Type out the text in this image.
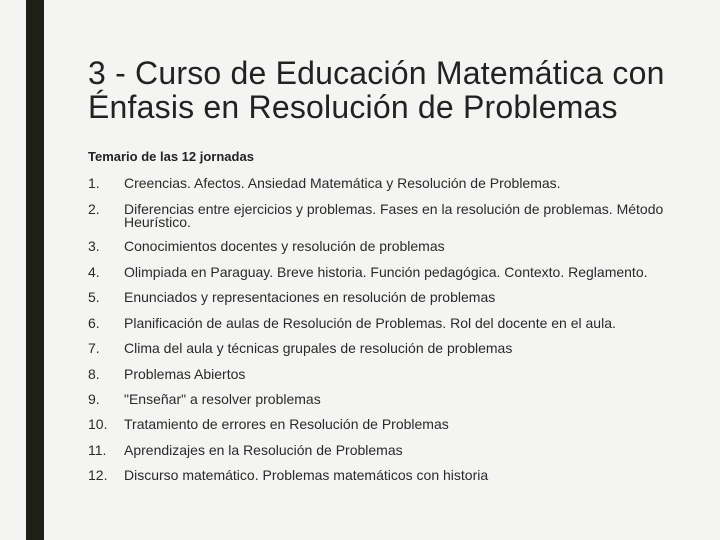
3 - Curso de Educación Matemática con Énfasis en Resolución de Problemas
Temario de las 12 jornadas
1.	Creencias. Afectos. Ansiedad Matemática y Resolución de Problemas.
2.	Diferencias entre ejercicios y problemas. Fases en la resolución de problemas. Método Heurístico.
3.	Conocimientos docentes y resolución de problemas
4.	Olimpiada en Paraguay. Breve historia. Función pedagógica. Contexto. Reglamento.
5.	Enunciados y representaciones en resolución de problemas
6.	Planificación de aulas de Resolución de Problemas. Rol del docente en el aula.
7.	Clima del aula y técnicas grupales de resolución de problemas
8.	Problemas Abiertos
9.	"Enseñar" a resolver problemas
10.	Tratamiento de errores en Resolución de Problemas
11.	Aprendizajes en la Resolución de Problemas
12.	Discurso matemático. Problemas matemáticos con historia
